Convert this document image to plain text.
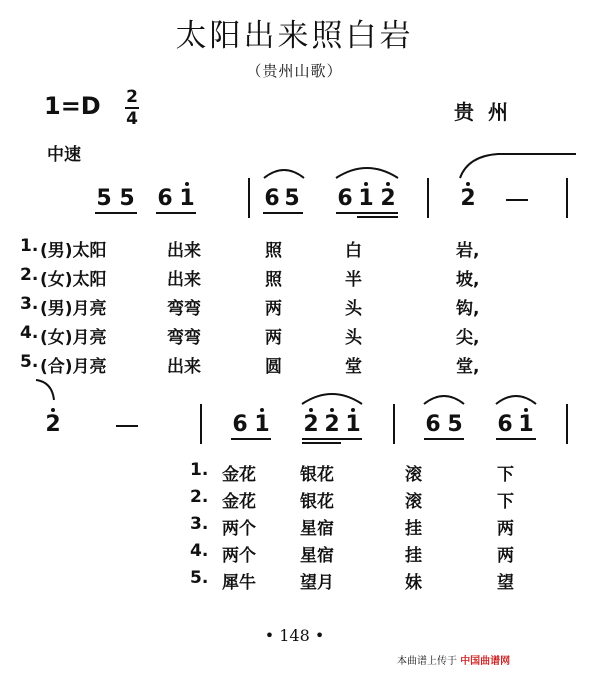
太阳出来照白岩
（贵州山歌）
1=D 2
4	贵州
中速
5 5 6 1	6 5 6 1 2	2
1. (男)太阳	出来	照	白	岩,
2. (女)太阳	出来	照	半	坡,
3. (男)月亮	弯弯	两	头	钩,
4. (女)月亮	弯弯	两	头	尖,
5. (合)月亮	出来	圆	堂	堂,
2	6 1 2 2 1	6 5 6 1
1. 金花	银花	滚	下
2. 金花	银花	滚	下
3. 两个	星宿	挂	两
4. 两个	星宿	挂	两
5. 犀牛	望月	妹	望
• 148 •
本曲谱上传于 中国曲谱网
